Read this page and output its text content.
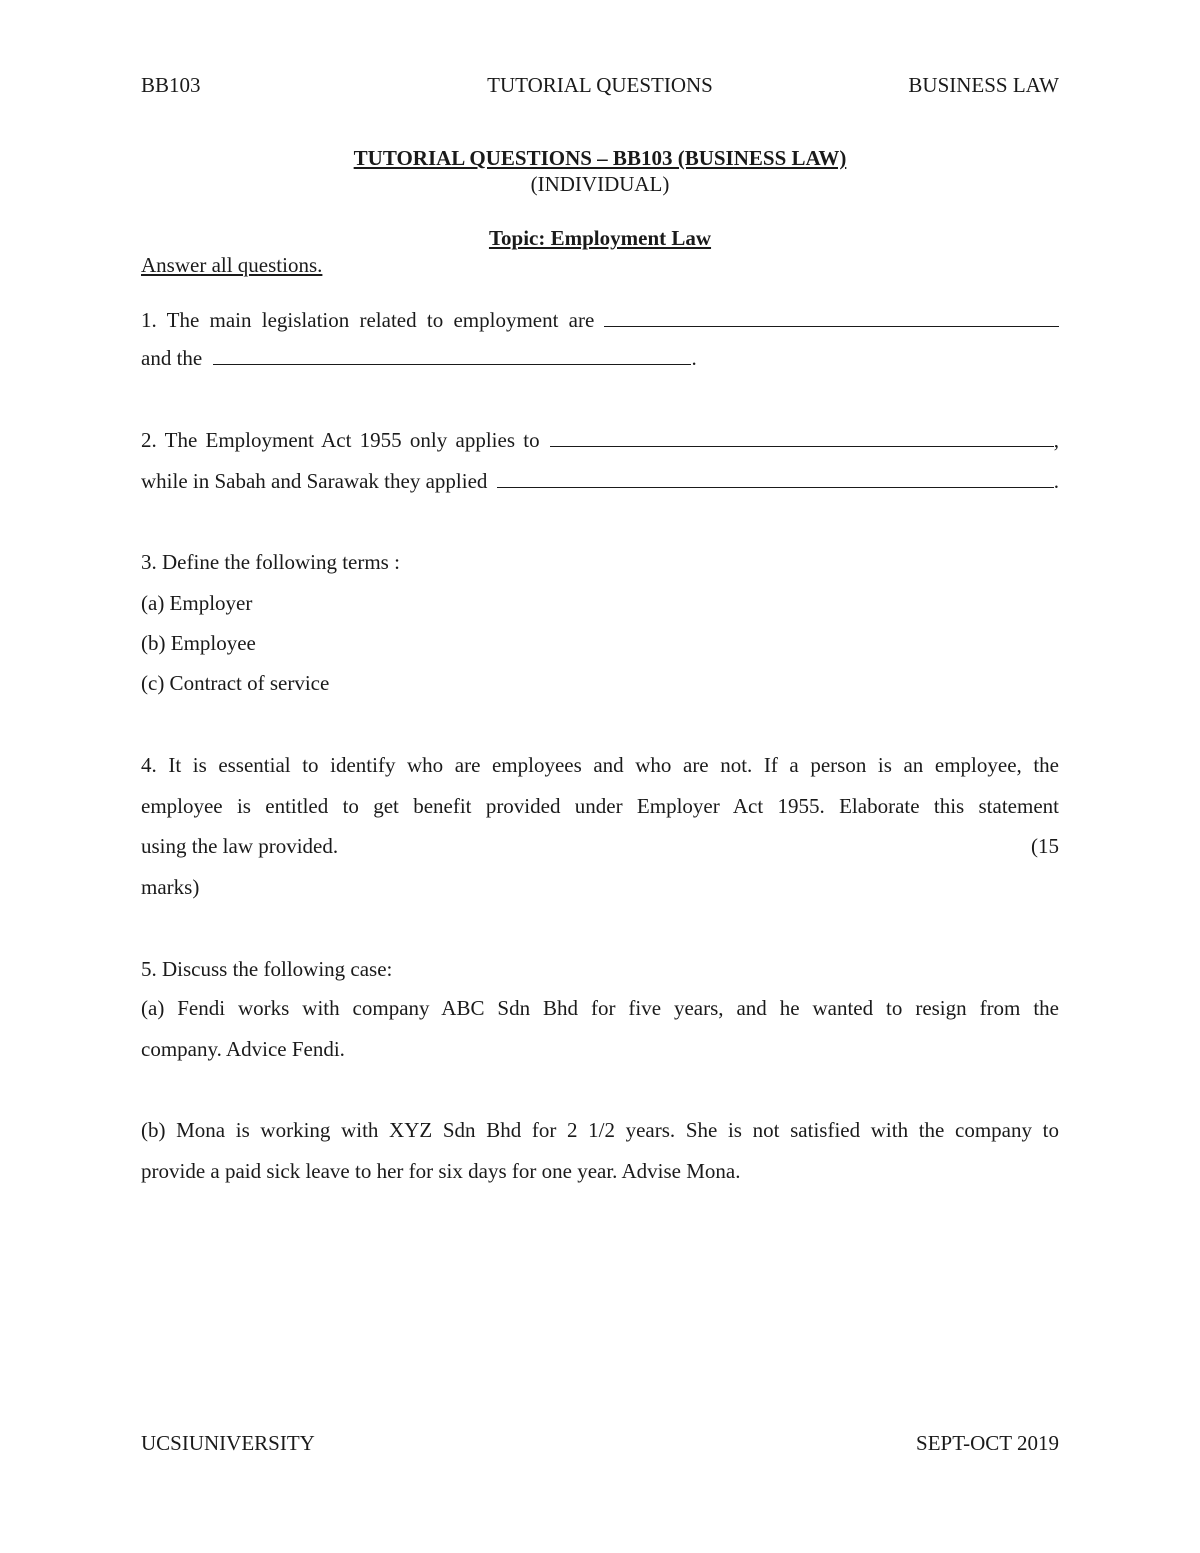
BB103	TUTORIAL QUESTIONS	BUSINESS LAW
TUTORIAL QUESTIONS – BB103 (BUSINESS LAW)
(INDIVIDUAL)
Topic: Employment Law
Answer all questions.
1. The main legislation related to employment are
and the	.
2. The Employment Act 1955 only applies to	,
while in Sabah and Sarawak they applied	.
3. Define the following terms :
(a) Employer
(b) Employee
(c) Contract of service
4. It is essential to identify who are employees and who are not. If a person is an employee, the
employee is entitled to get benefit provided under Employer Act 1955. Elaborate this statement
using the law provided.	(15
marks)
5. Discuss the following case:
(a) Fendi works with company ABC Sdn Bhd for five years, and he wanted to resign from the
company. Advice Fendi.
(b) Mona is working with XYZ Sdn Bhd for 2 1/2 years. She is not satisfied with the company to
provide a paid sick leave to her for six days for one year. Advise Mona.
UCSIUNIVERSITY	SEPT-OCT 2019
